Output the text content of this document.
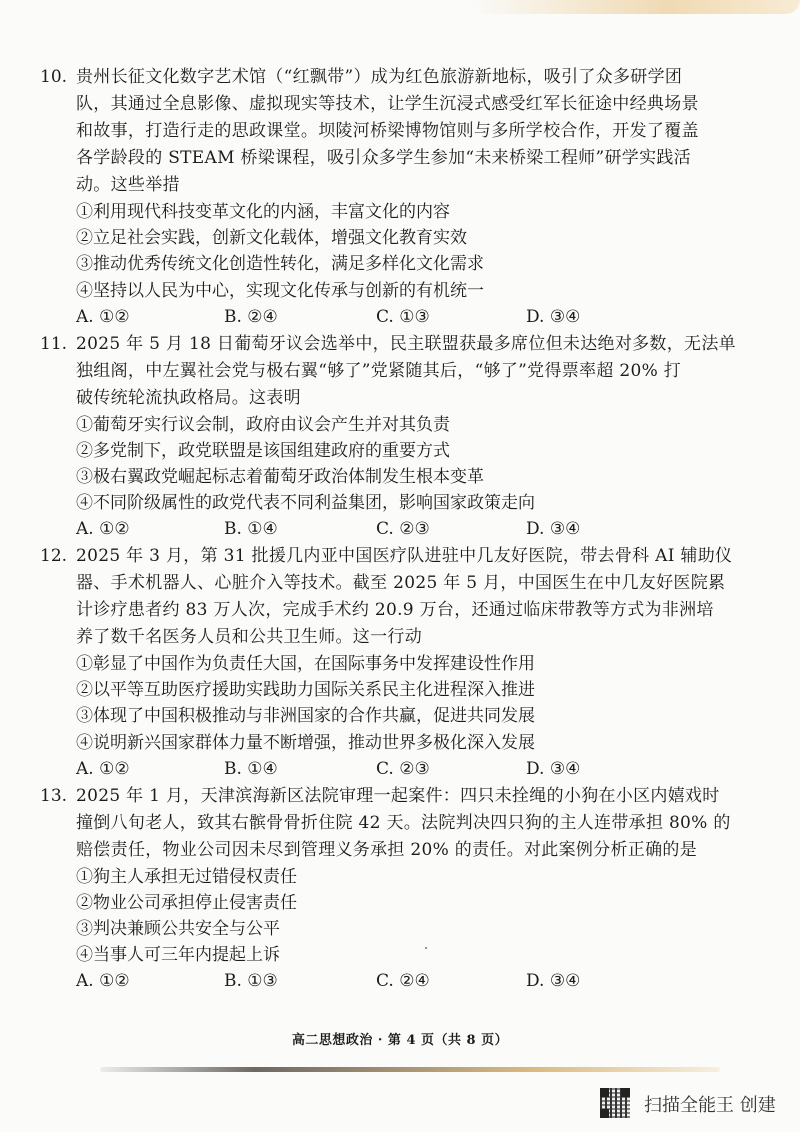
10. 贵州长征文化数字艺术馆（“红飘带”）成为红色旅游新地标，吸引了众多研学团
队，其通过全息影像、虚拟现实等技术，让学生沉浸式感受红军长征途中经典场景
和故事，打造行走的思政课堂。坝陵河桥梁博物馆则与多所学校合作，开发了覆盖
各学龄段的 STEAM 桥梁课程，吸引众多学生参加“未来桥梁工程师”研学实践活
动。这些举措
①利用现代科技变革文化的内涵，丰富文化的内容
②立足社会实践，创新文化载体，增强文化教育实效
③推动优秀传统文化创造性转化，满足多样化文化需求
④坚持以人民为中心，实现文化传承与创新的有机统一
A. ①②	B. ②④	C. ①③	D. ③④
11. 2025 年 5 月 18 日葡萄牙议会选举中，民主联盟获最多席位但未达绝对多数，无法单
独组阁，中左翼社会党与极右翼“够了”党紧随其后，“够了”党得票率超 20% 打
破传统轮流执政格局。这表明
①葡萄牙实行议会制，政府由议会产生并对其负责
②多党制下，政党联盟是该国组建政府的重要方式
③极右翼政党崛起标志着葡萄牙政治体制发生根本变革
④不同阶级属性的政党代表不同利益集团，影响国家政策走向
A. ①②	B. ①④	C. ②③	D. ③④
12. 2025 年 3 月，第 31 批援几内亚中国医疗队进驻中几友好医院，带去骨科 AI 辅助仪
器、手术机器人、心脏介入等技术。截至 2025 年 5 月，中国医生在中几友好医院累
计诊疗患者约 83 万人次，完成手术约 20.9 万台，还通过临床带教等方式为非洲培
养了数千名医务人员和公共卫生师。这一行动
①彰显了中国作为负责任大国，在国际事务中发挥建设性作用
②以平等互助医疗援助实践助力国际关系民主化进程深入推进
③体现了中国积极推动与非洲国家的合作共赢，促进共同发展
④说明新兴国家群体力量不断增强，推动世界多极化深入发展
A. ①②	B. ①④	C. ②③	D. ③④
13. 2025 年 1 月，天津滨海新区法院审理一起案件：四只未拴绳的小狗在小区内嬉戏时
撞倒八旬老人，致其右髌骨骨折住院 42 天。法院判决四只狗的主人连带承担 80% 的
赔偿责任，物业公司因未尽到管理义务承担 20% 的责任。对此案例分析正确的是
①狗主人承担无过错侵权责任
②物业公司承担停止侵害责任
③判决兼顾公共安全与公平
④当事人可三年内提起上诉
A. ①②	B. ①③	C. ②④	D. ③④
高二思想政治 · 第 4 页（共 8 页）
扫描全能王 创建
